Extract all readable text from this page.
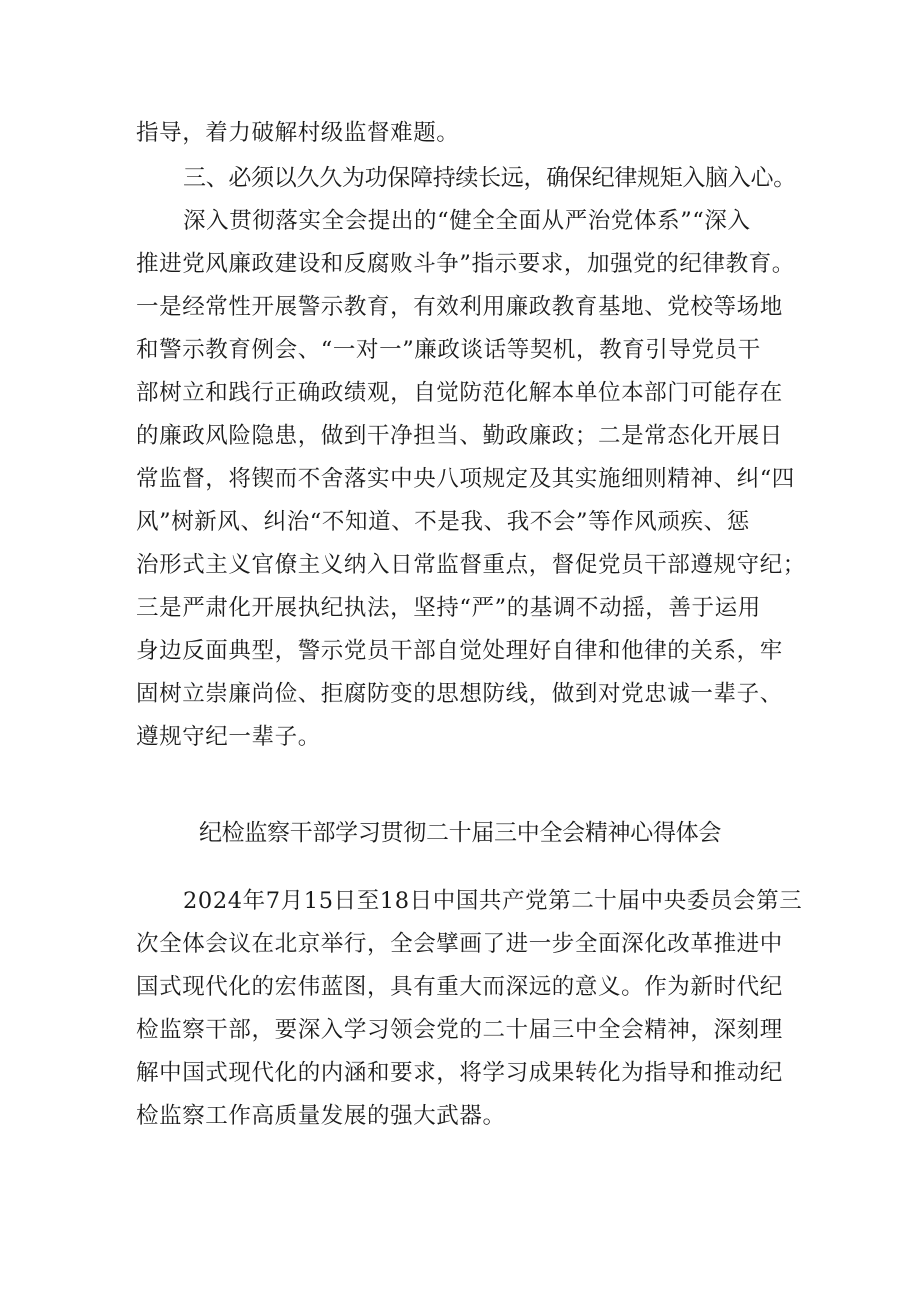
指导，着力破解村级监督难题。
三、必须以久久为功保障持续长远，确保纪律规矩入脑入心。
深入贯彻落实全会提出的“健全全面从严治党体系”“深入
推进党风廉政建设和反腐败斗争”指示要求，加强党的纪律教育。
一是经常性开展警示教育，有效利用廉政教育基地、党校等场地
和警示教育例会、“一对一”廉政谈话等契机，教育引导党员干
部树立和践行正确政绩观，自觉防范化解本单位本部门可能存在
的廉政风险隐患，做到干净担当、勤政廉政；二是常态化开展日
常监督，将锲而不舍落实中央八项规定及其实施细则精神、纠“四
风”树新风、纠治“不知道、不是我、我不会”等作风顽疾、惩
治形式主义官僚主义纳入日常监督重点，督促党员干部遵规守纪；
三是严肃化开展执纪执法，坚持“严”的基调不动摇，善于运用
身边反面典型，警示党员干部自觉处理好自律和他律的关系，牢
固树立崇廉尚俭、拒腐防变的思想防线，做到对党忠诚一辈子、
遵规守纪一辈子。
纪检监察干部学习贯彻二十届三中全会精神心得体会
2024年7月15日至18日中国共产党第二十届中央委员会第三
次全体会议在北京举行，全会擘画了进一步全面深化改革推进中
国式现代化的宏伟蓝图，具有重大而深远的意义。作为新时代纪
检监察干部，要深入学习领会党的二十届三中全会精神，深刻理
解中国式现代化的内涵和要求，将学习成果转化为指导和推动纪
检监察工作高质量发展的强大武器。
